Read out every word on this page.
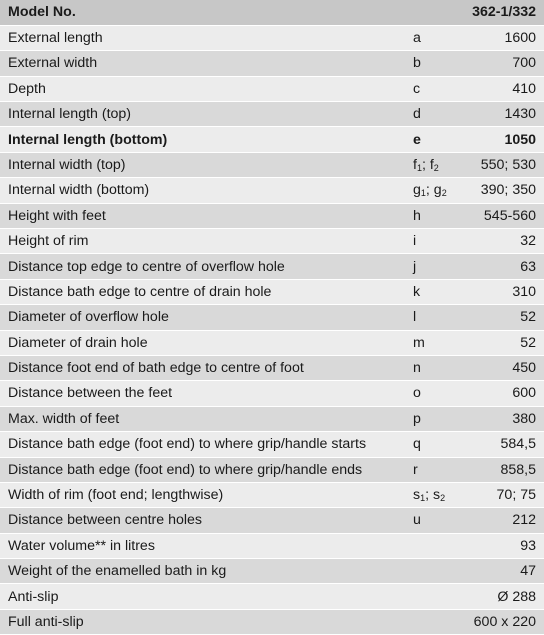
Model No.		362-1/332
External length	a	1600
External width	b	700
Depth	c	410
Internal length (top)	d	1430
Internal length (bottom)	e	1050
Internal width (top)	$f_1$; $f_2$	550; 530
Internal width (bottom)	$g_1$; $g_2$	390; 350
Height with feet	h	545-560
Height of rim	i	32
Distance top edge to centre of overflow hole	j	63
Distance bath edge to centre of drain hole	k	310
Diameter of overflow hole	l	52
Diameter of drain hole	m	52
Distance foot end of bath edge to centre of foot	n	450
Distance between the feet	o	600
Max. width of feet	p	380
Distance bath edge (foot end) to where grip/handle starts	q	584,5
Distance bath edge (foot end) to where grip/handle ends	r	858,5
Width of rim (foot end; lengthwise)	$s_1$; $s_2$	70; 75
Distance between centre holes	u	212
Water volume** in litres		93
Weight of the enamelled bath in kg		47
Anti-slip		Ø 288
Full anti-slip		600 x 220
